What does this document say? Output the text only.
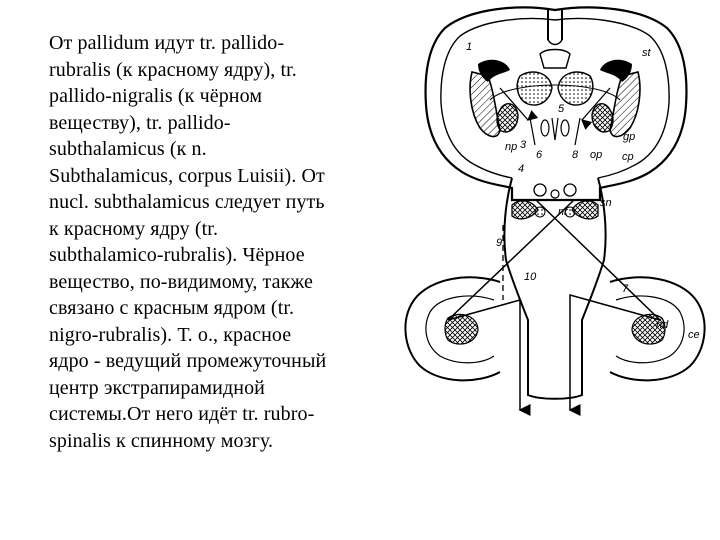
От pallidum идут tr. pallido-
rubralis (к красному ядру), tr.
pallido-nigralis (к чёрном
веществу), tr. pallido-
subthalamicus (к n.
Subthalamicus, corpus Luisii). От
nucl. subthalamicus следует путь
к красному ядру (tr.
subthalamico-rubralis). Чёрное
вещество, по-видимому, также
связано с красным ядром (tr.
nigro-rubralis). Т. о., красное
ядро - ведущий промежуточный
центр экстрапирамидной
системы.От него идёт tr. rubro-
spinalis к спинному мозгу.
1	st
gp
np
2
3
4
5
6	8 op cp
sn
nr
9
10
7
nd
ce
